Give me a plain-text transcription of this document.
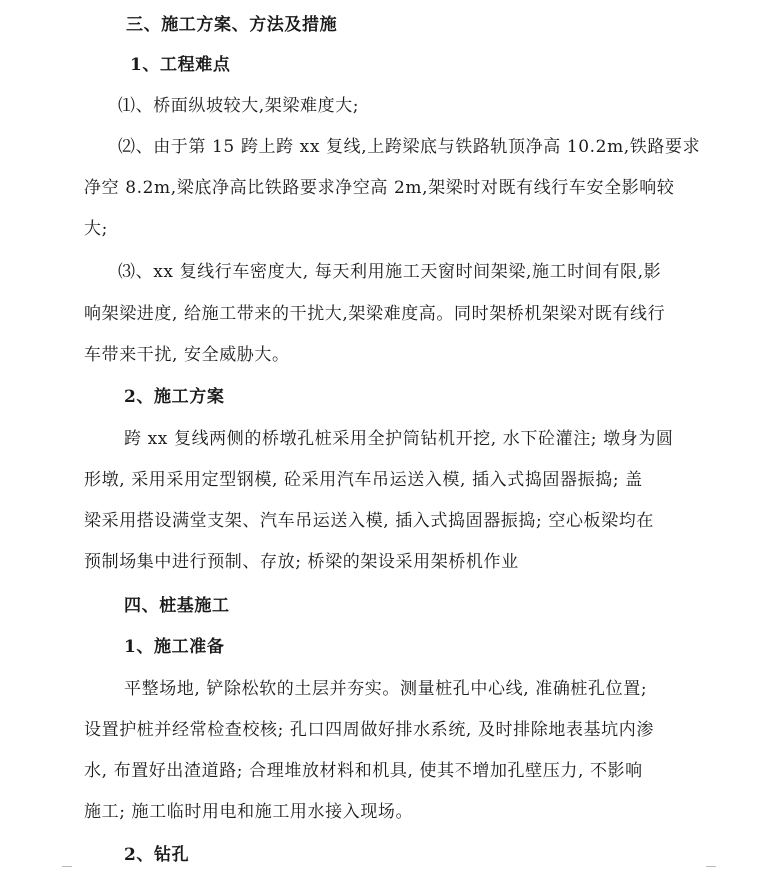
三、施工方案、方法及措施
1、工程难点
⑴、桥面纵坡较大,架梁难度大;
⑵、由于第 15 跨上跨 xx 复线,上跨梁底与铁路轨顶净高 10.2m,铁路要求
净空 8.2m,梁底净高比铁路要求净空高 2m,架梁时对既有线行车安全影响较
大;
⑶、xx 复线行车密度大, 每天利用施工天窗时间架梁,施工时间有限,影
响架梁进度, 给施工带来的干扰大,架梁难度高。同时架桥机架梁对既有线行
车带来干扰, 安全威胁大。
2、施工方案
跨 xx 复线两侧的桥墩孔桩采用全护筒钻机开挖, 水下砼灌注; 墩身为圆
形墩, 采用采用定型钢模, 砼采用汽车吊运送入模, 插入式捣固器振捣; 盖
梁采用搭设满堂支架、汽车吊运送入模, 插入式捣固器振捣; 空心板梁均在
预制场集中进行预制、存放; 桥梁的架设采用架桥机作业
四、桩基施工
1、施工准备
平整场地, 铲除松软的土层并夯实。测量桩孔中心线, 准确桩孔位置;
设置护桩并经常检查校核; 孔口四周做好排水系统, 及时排除地表基坑内渗
水, 布置好出渣道路; 合理堆放材料和机具, 使其不增加孔壁压力, 不影响
施工; 施工临时用电和施工用水接入现场。
2、钻孔
